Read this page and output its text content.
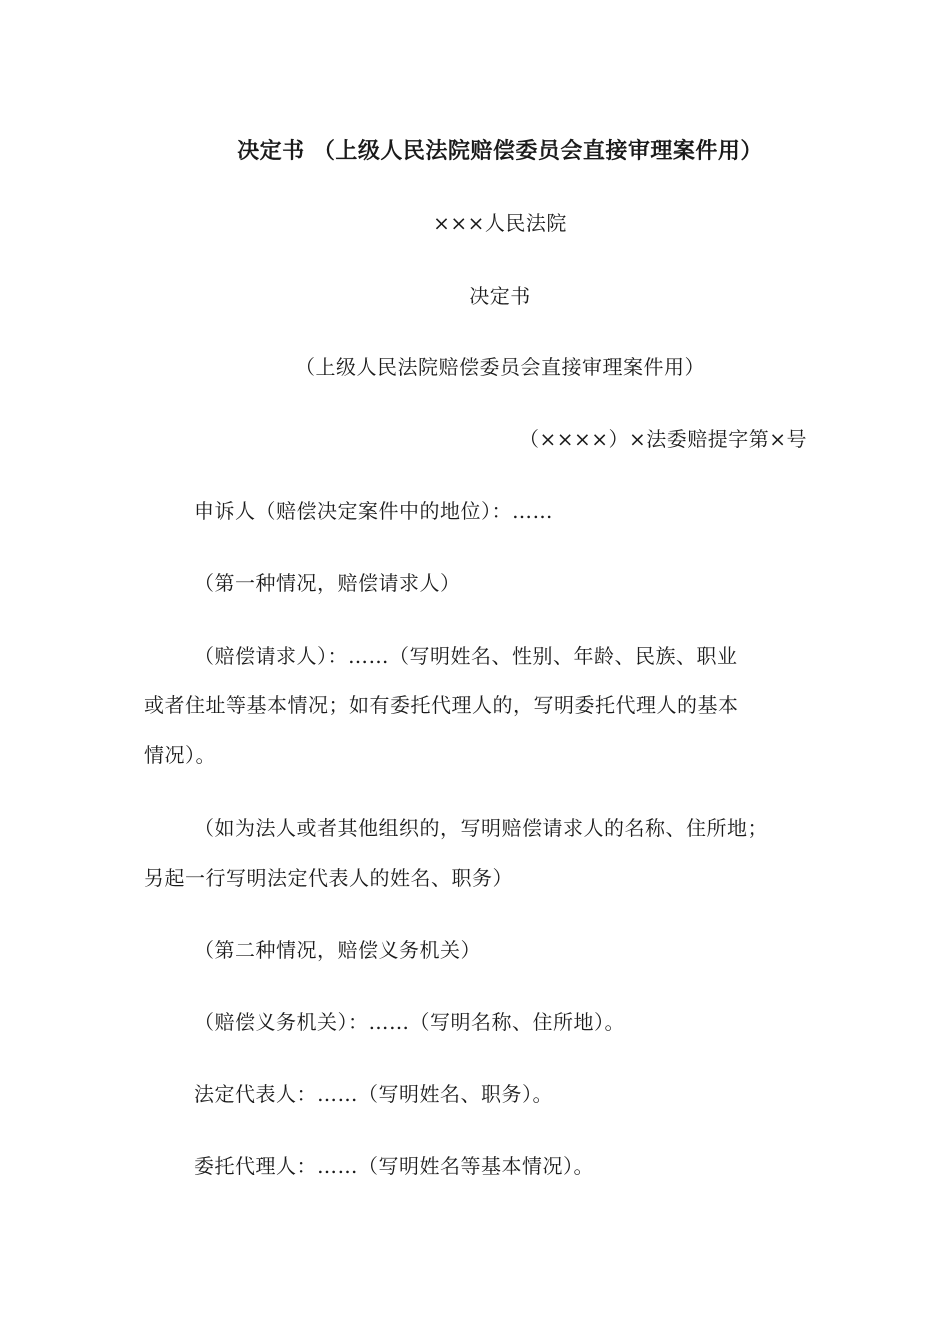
决定书 （上级人民法院赔偿委员会直接审理案件用）
×××人民法院
决定书
（上级人民法院赔偿委员会直接审理案件用）
（××××）×法委赔提字第×号
申诉人（赔偿决定案件中的地位）：……
（第一种情况，赔偿请求人）
（赔偿请求人）：……（写明姓名、性别、年龄、民族、职业
或者住址等基本情况；如有委托代理人的，写明委托代理人的基本
情况）。
（如为法人或者其他组织的，写明赔偿请求人的名称、住所地；
另起一行写明法定代表人的姓名、职务）
（第二种情况，赔偿义务机关）
（赔偿义务机关）：……（写明名称、住所地）。
法定代表人：……（写明姓名、职务）。
委托代理人：……（写明姓名等基本情况）。
